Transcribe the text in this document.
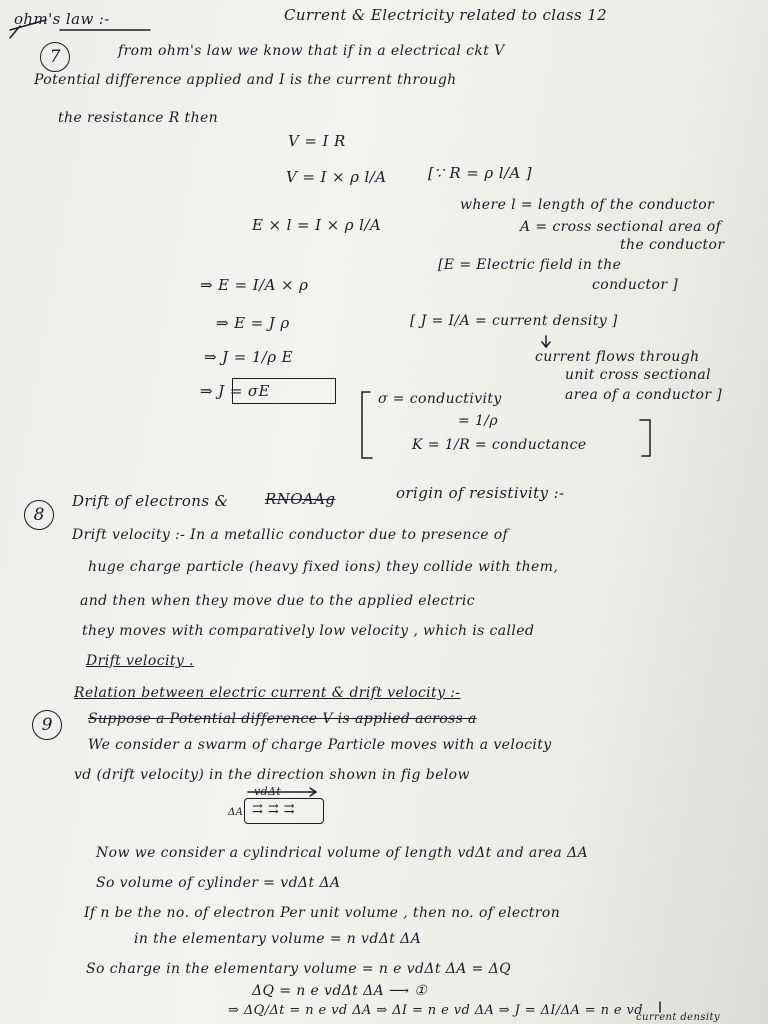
ohm's law :-	Current & Electricity related to class 12
7	from ohm's law we know that if in a electrical ckt V
Potential difference applied and I is the current through
the resistance R then
V = I R
V = I × ρ l/A	[∵ R = ρ l/A ]
where l = length of the conductor
A = cross sectional area of
the conductor
E × l = I × ρ l/A
⇒ E = I/A × ρ
[E = Electric field in the
conductor ]
⇒ E = J ρ	[ J = I/A = current density ]
current flows through
unit cross sectional
area of a conductor ]
⇒ J = 1/ρ E
⇒ J = σE	σ = conductivity
= 1/ρ
K = 1/R = conductance
8
Drift of electrons & RNOAAg	origin of resistivity :-
Drift velocity :- In a metallic conductor due to presence of
huge charge particle (heavy fixed ions) they collide with them,
and then when they move due to the applied electric
they moves with comparatively low velocity , which is called
Drift velocity .
Relation between electric current & drift velocity :-
9	Suppose a Potential difference V is applied across a
We consider a swarm of charge Particle moves with a velocity
vd (drift velocity) in the direction shown in fig below
vdΔt
ΔA ⇉ ⇉ ⇉
Now we consider a cylindrical volume of length vdΔt and area ΔA
So volume of cylinder = vdΔt ΔA
If n be the no. of electron Per unit volume , then no. of electron
in the elementary volume = n vdΔt ΔA
So charge in the elementary volume = n e vdΔt ΔA = ΔQ
ΔQ = n e vdΔt ΔA ⟶ ①
⇒ ΔQ/Δt = n e vd ΔA ⇒ ΔI = n e vd ΔA ⇒ J = ΔI/ΔA = n e vd
current density
